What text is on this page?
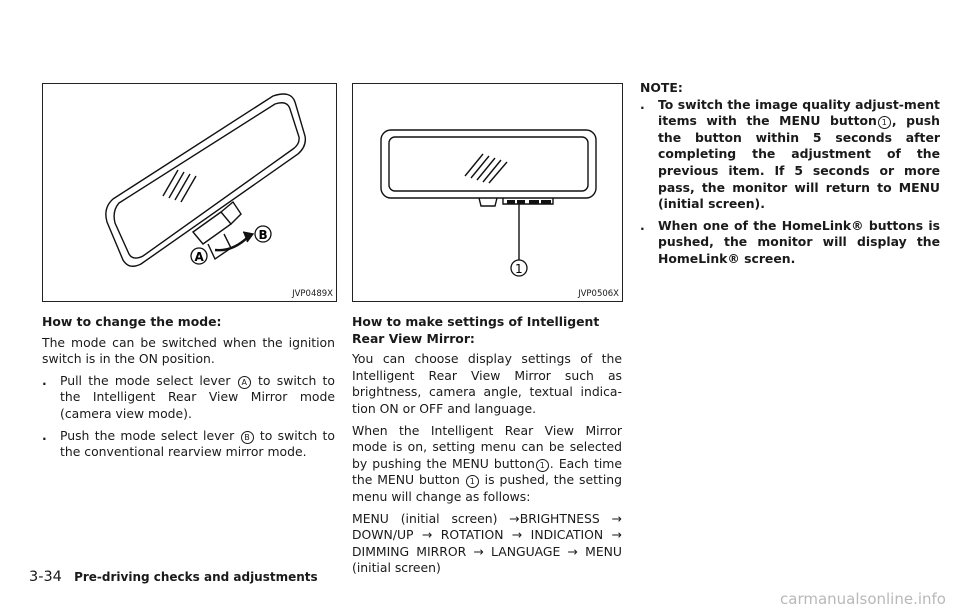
A
B
JVP0489X
1
JVP0506X
How to change the mode:

The mode can be switched when the ignition switch is in the ON position.

. Pull the mode select lever A to switch to the Intelligent Rear View Mirror mode (camera view mode).
. Push the mode select lever B to switch to the conventional rearview mirror mode.
How to make settings of Intelligent Rear View Mirror:

You can choose display settings of the Intelligent Rear View Mirror such as brightness, camera angle, textual indica-tion ON or OFF and language.

When the Intelligent Rear View Mirror mode is on, setting menu can be selected by pushing the MENU button 1 . Each time the MENU button 1 is pushed, the setting menu will change as follows:

MENU (initial screen) →BRIGHTNESS → DOWN/UP → ROTATION → INDICATION → DIMMING MIRROR → LANGUAGE → MENU (initial screen)

NOTE:
. To switch the image quality adjust-ment items with the MENU button 1 , push the button within 5 seconds after completing the adjustment of the previous item. If 5 seconds or more pass, the monitor will return to MENU (initial screen).
. When one of the HomeLink® buttons is pushed, the monitor will display the HomeLink® screen.
3-34 Pre-driving checks and adjustments
carmanualsonline.info
